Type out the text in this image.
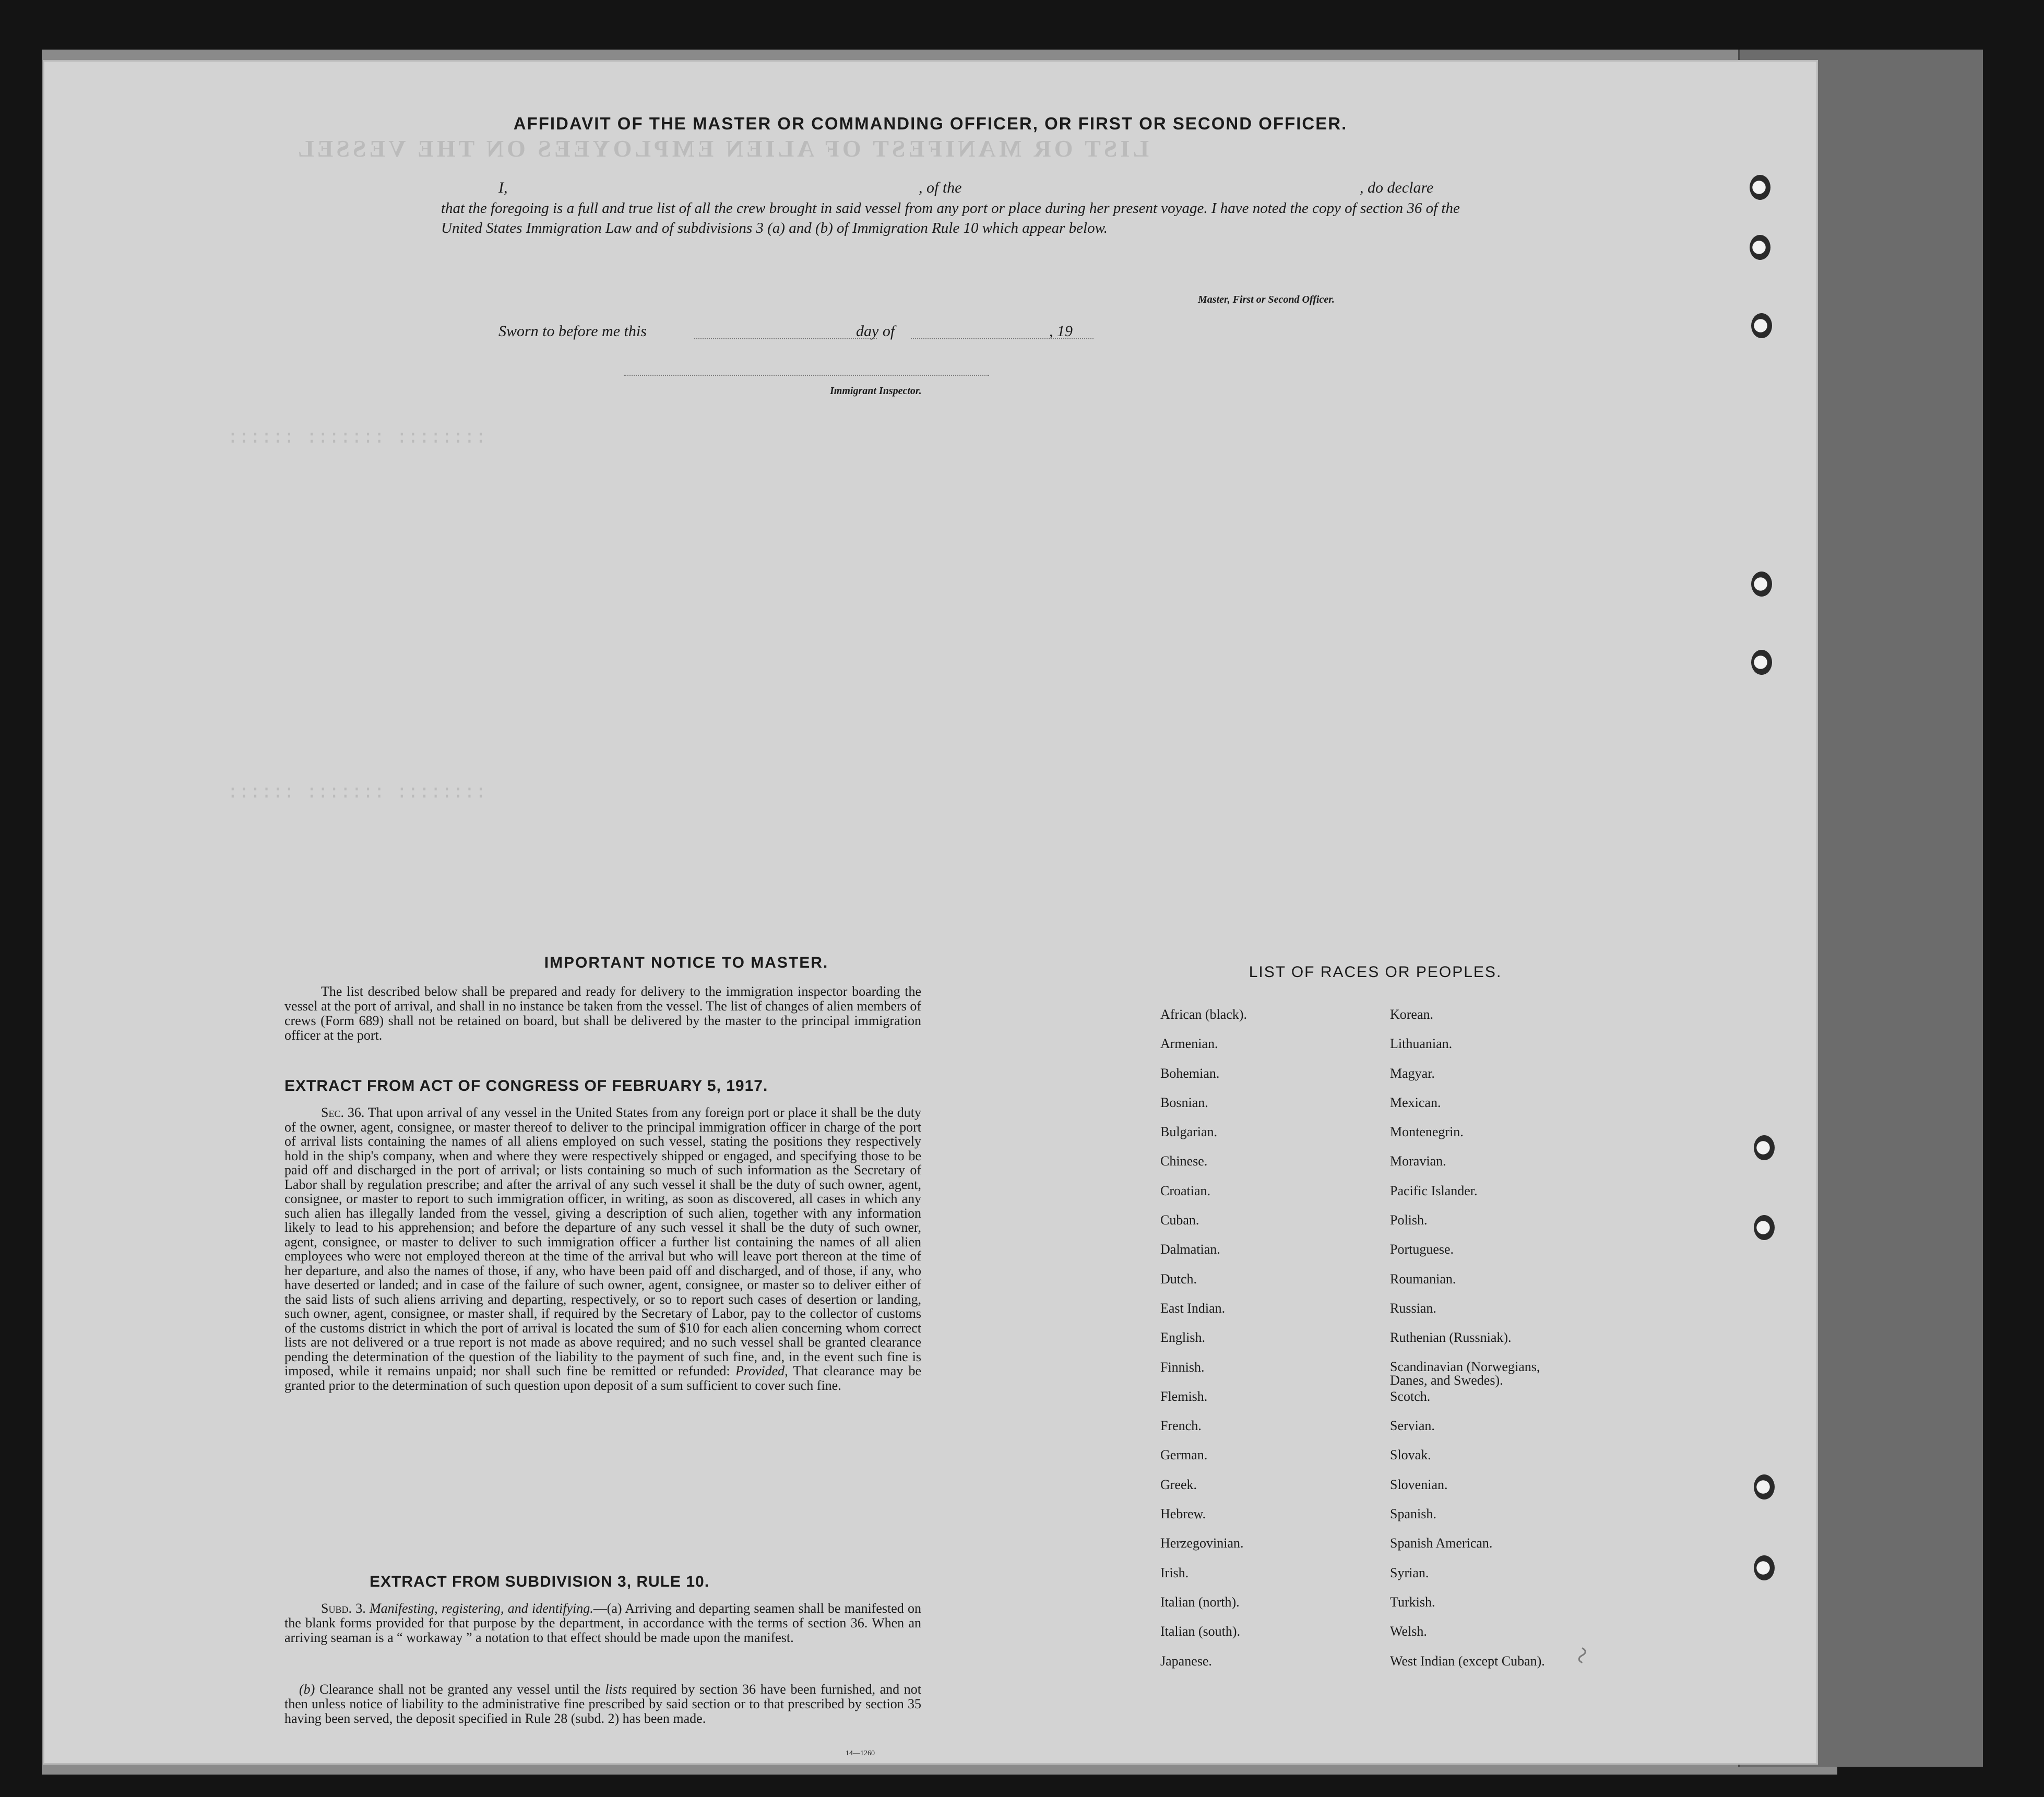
LIST OR MANIFEST OF ALIEN EMPLOYEES ON THE VESSEL
:::::: ::::::: ::::::::
:::::: ::::::: ::::::::
AFFIDAVIT OF THE MASTER OR COMMANDING OFFICER, OR FIRST OR SECOND OFFICER.
I,	, of the	, do declare
that the foregoing is a full and true list of all the crew brought in said vessel from any port or place during her present voyage. I have noted the copy of section 36 of the United States Immigration Law and of subdivisions 3 (a) and (b) of Immigration Rule 10 which appear below.
Master, First or Second Officer.
Sworn to before me this	day of	, 19
Immigrant Inspector.
IMPORTANT NOTICE TO MASTER.
The list described below shall be prepared and ready for delivery to the immigration inspector boarding the vessel at the port of arrival, and shall in no instance be taken from the vessel. The list of changes of alien members of crews (Form 689) shall not be retained on board, but shall be delivered by the master to the principal immigration officer at the port.
EXTRACT FROM ACT OF CONGRESS OF FEBRUARY 5, 1917.
Sec. 36. That upon arrival of any vessel in the United States from any foreign port or place it shall be the duty of the owner, agent, consignee, or master thereof to deliver to the principal immigration officer in charge of the port of arrival lists containing the names of all aliens employed on such vessel, stating the positions they respectively hold in the ship's company, when and where they were respectively shipped or engaged, and specifying those to be paid off and discharged in the port of arrival; or lists containing so much of such information as the Secretary of Labor shall by regulation prescribe; and after the arrival of any such vessel it shall be the duty of such owner, agent, consignee, or master to report to such immigration officer, in writing, as soon as discovered, all cases in which any such alien has illegally landed from the vessel, giving a description of such alien, together with any information likely to lead to his apprehension; and before the departure of any such vessel it shall be the duty of such owner, agent, consignee, or master to deliver to such immigration officer a further list containing the names of all alien employees who were not employed thereon at the time of the arrival but who will leave port thereon at the time of her departure, and also the names of those, if any, who have been paid off and discharged, and of those, if any, who have deserted or landed; and in case of the failure of such owner, agent, consignee, or master so to deliver either of the said lists of such aliens arriving and departing, respectively, or so to report such cases of desertion or landing, such owner, agent, consignee, or master shall, if required by the Secretary of Labor, pay to the collector of customs of the customs district in which the port of arrival is located the sum of $10 for each alien concerning whom correct lists are not delivered or a true report is not made as above required; and no such vessel shall be granted clearance pending the determination of the question of the liability to the payment of such fine, and, in the event such fine is imposed, while it remains unpaid; nor shall such fine be remitted or refunded: Provided, That clearance may be granted prior to the determination of such question upon deposit of a sum sufficient to cover such fine.
EXTRACT FROM SUBDIVISION 3, RULE 10.
Subd. 3. Manifesting, registering, and identifying.—(a) Arriving and departing seamen shall be manifested on the blank forms provided for that purpose by the department, in accordance with the terms of section 36. When an arriving seaman is a “ workaway ” a notation to that effect should be made upon the manifest.
(b) Clearance shall not be granted any vessel until the lists required by section 36 have been furnished, and not then unless notice of liability to the administrative fine prescribed by said section or to that prescribed by section 35 having been served, the deposit specified in Rule 28 (subd. 2) has been made.
14—1260
LIST OF RACES OR PEOPLES.
African (black).
Armenian.
Bohemian.
Bosnian.
Bulgarian.
Chinese.
Croatian.
Cuban.
Dalmatian.
Dutch.
East Indian.
English.
Finnish.
Flemish.
French.
German.
Greek.
Hebrew.
Herzegovinian.
Irish.
Italian (north).
Italian (south).
Japanese.
Korean.
Lithuanian.
Magyar.
Mexican.
Montenegrin.
Moravian.
Pacific Islander.
Polish.
Portuguese.
Roumanian.
Russian.
Ruthenian (Russniak).
Scandinavian (Norwegians, Danes, and Swedes).
Scotch.
Servian.
Slovak.
Slovenian.
Spanish.
Spanish American.
Syrian.
Turkish.
Welsh.
West Indian (except Cuban). ~
